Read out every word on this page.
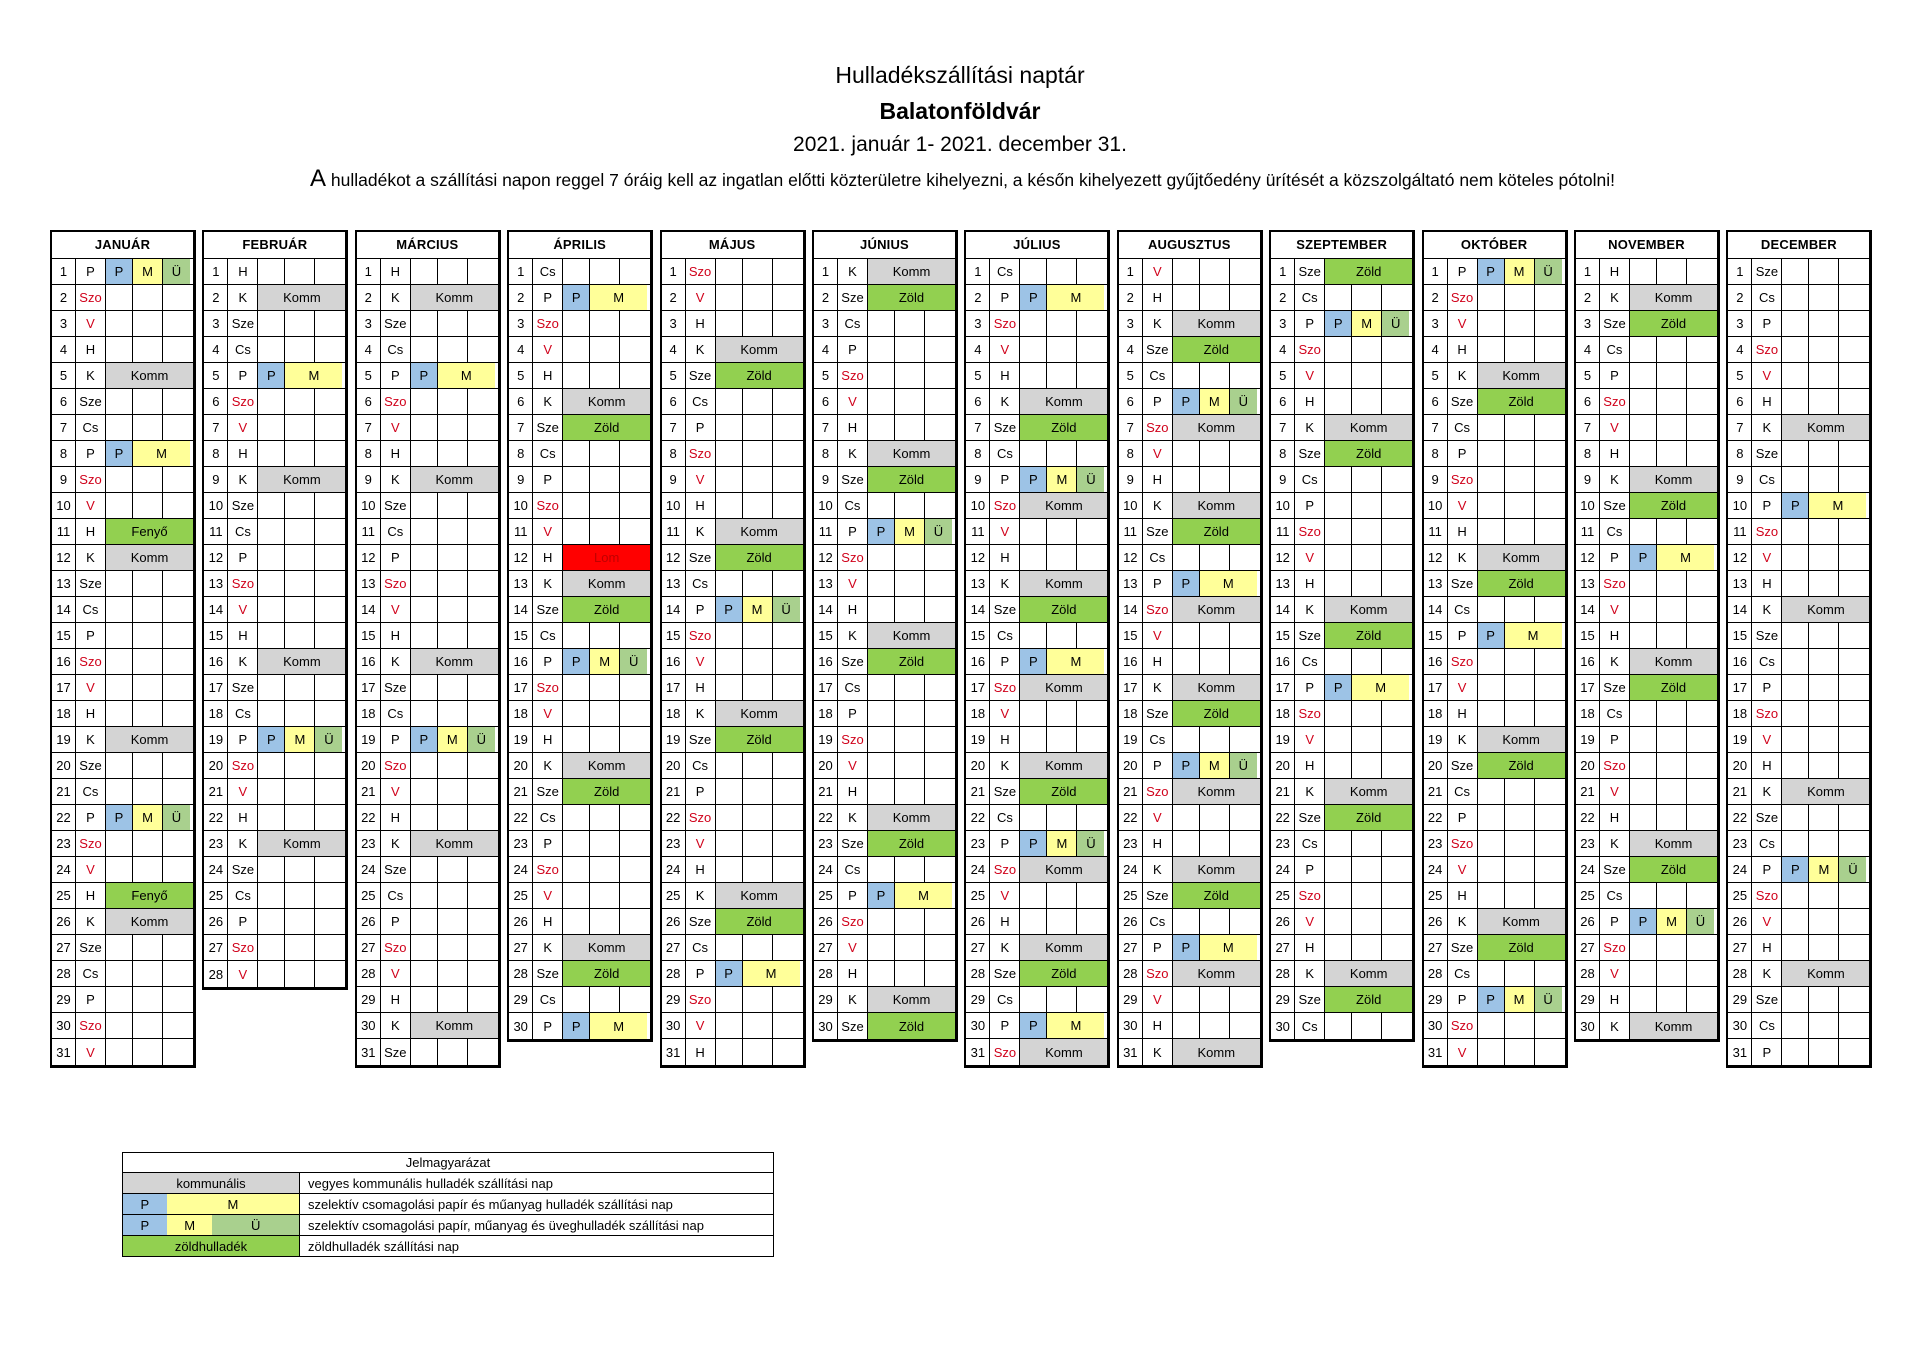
Hulladékszállítási naptár
Balatonföldvár
2021. január 1- 2021. december 31.
A hulladékot a szállítási napon reggel 7 óráig kell az ingatlan előtti közterületre kihelyezni, a későn kihelyezett gyűjtőedény ürítését a közszolgáltató nem köteles pótolni!
JANUÁR
1	P	P	M	Ü
2 Szo
3	V
4	H
5	K	Komm
6 Sze
7	Cs
8	P	P	M
9 Szo
10	V
11	H	Fenyő
12	K	Komm
13 Sze
14 Cs
15	P
16 Szo
17	V
18	H
19	K	Komm
20 Sze
21 Cs
22	P	P	M	Ü
23 Szo
24	V
25	H	Fenyő
26	K	Komm
27 Sze
28 Cs
29	P
30 Szo
31	V
FEBRUÁR
1	H
2	K	Komm
3 Sze
4	Cs
5	P	P	M
6 Szo
7	V
8	H
9	K	Komm
10 Sze
11 Cs
12	P
13 Szo
14	V
15	H
16	K	Komm
17 Sze
18 Cs
19	P	P	M	Ü
20 Szo
21	V
22	H
23	K	Komm
24 Sze
25 Cs
26	P
27 Szo
28	V
MÁRCIUS
1	H
2	K	Komm
3 Sze
4	Cs
5	P	P	M
6 Szo
7	V
8	H
9	K	Komm
10 Sze
11 Cs
12	P
13 Szo
14	V
15	H
16	K	Komm
17 Sze
18 Cs
19	P	P	M	Ü
20 Szo
21	V
22	H
23	K	Komm
24 Sze
25 Cs
26	P
27 Szo
28	V
29	H
30	K	Komm
31 Sze
ÁPRILIS
1	Cs
2	P	P	M
3 Szo
4	V
5	H
6	K	Komm
7 Sze	Zöld
8	Cs
9	P
10 Szo
11	V
12	H	Lom
13	K	Komm
14 Sze	Zöld
15 Cs
16	P	P	M	Ü
17 Szo
18	V
19	H
20	K	Komm
21 Sze	Zöld
22 Cs
23	P
24 Szo
25	V
26	H
27	K	Komm
28 Sze	Zöld
29 Cs
30	P	P	M
MÁJUS
1 Szo
2	V
3	H
4	K	Komm
5 Sze	Zöld
6	Cs
7	P
8 Szo
9	V
10	H
11	K	Komm
12 Sze	Zöld
13 Cs
14	P	P	M	Ü
15 Szo
16	V
17	H
18	K	Komm
19 Sze	Zöld
20 Cs
21	P
22 Szo
23	V
24	H
25	K	Komm
26 Sze	Zöld
27 Cs
28	P	P	M
29 Szo
30	V
31	H
JÚNIUS
1	K	Komm
2 Sze	Zöld
3	Cs
4	P
5 Szo
6	V
7	H
8	K	Komm
9 Sze	Zöld
10 Cs
11	P	P	M	Ü
12 Szo
13	V
14	H
15	K	Komm
16 Sze	Zöld
17 Cs
18	P
19 Szo
20	V
21	H
22	K	Komm
23 Sze	Zöld
24 Cs
25	P	P	M
26 Szo
27	V
28	H
29	K	Komm
30 Sze	Zöld
JÚLIUS
1	Cs
2	P	P	M
3 Szo
4	V
5	H
6	K	Komm
7 Sze	Zöld
8	Cs
9	P	P	M	Ü
10 Szo	Komm
11	V
12	H
13	K	Komm
14 Sze	Zöld
15 Cs
16	P	P	M
17 Szo	Komm
18	V
19	H
20	K	Komm
21 Sze	Zöld
22 Cs
23	P	P	M	Ü
24 Szo	Komm
25	V
26	H
27	K	Komm
28 Sze	Zöld
29 Cs
30	P	P	M
31 Szo	Komm
AUGUSZTUS
1	V
2	H
3	K	Komm
4 Sze	Zöld
5	Cs
6	P	P	M	Ü
7 Szo	Komm
8	V
9	H
10	K	Komm
11 Sze	Zöld
12 Cs
13	P	P	M
14 Szo	Komm
15	V
16	H
17	K	Komm
18 Sze	Zöld
19 Cs
20	P	P	M	Ü
21 Szo	Komm
22	V
23	H
24	K	Komm
25 Sze	Zöld
26 Cs
27	P	P	M
28 Szo	Komm
29	V
30	H
31	K	Komm
SZEPTEMBER
1 Sze	Zöld
2	Cs
3	P	P	M	Ü
4 Szo
5	V
6	H
7	K	Komm
8 Sze	Zöld
9	Cs
10	P
11 Szo
12	V
13	H
14	K	Komm
15 Sze	Zöld
16 Cs
17	P	P	M
18 Szo
19	V
20	H
21	K	Komm
22 Sze	Zöld
23 Cs
24	P
25 Szo
26	V
27	H
28	K	Komm
29 Sze	Zöld
30 Cs
OKTÓBER
1	P	P	M	Ü
2 Szo
3	V
4	H
5	K	Komm
6 Sze	Zöld
7	Cs
8	P
9 Szo
10	V
11	H
12	K	Komm
13 Sze	Zöld
14 Cs
15	P	P	M
16 Szo
17	V
18	H
19	K	Komm
20 Sze	Zöld
21 Cs
22	P
23 Szo
24	V
25	H
26	K	Komm
27 Sze	Zöld
28 Cs
29	P	P	M	Ü
30 Szo
31	V
NOVEMBER
1	H
2	K	Komm
3 Sze	Zöld
4	Cs
5	P
6 Szo
7	V
8	H
9	K	Komm
10 Sze	Zöld
11 Cs
12	P	P	M
13 Szo
14	V
15	H
16	K	Komm
17 Sze	Zöld
18 Cs
19	P
20 Szo
21	V
22	H
23	K	Komm
24 Sze	Zöld
25 Cs
26	P	P	M	Ü
27 Szo
28	V
29	H
30	K	Komm
DECEMBER
1 Sze
2	Cs
3	P
4 Szo
5	V
6	H
7	K	Komm
8 Sze
9	Cs
10	P	P	M
11 Szo
12	V
13	H
14	K	Komm
15 Sze
16 Cs
17	P
18 Szo
19	V
20	H
21	K	Komm
22 Sze
23 Cs
24	P	P	M	Ü
25 Szo
26	V
27	H
28	K	Komm
29 Sze
30 Cs
31	P
Jelmagyarázat
kommunális	vegyes kommunális hulladék szállítási nap
P	M	szelektív csomagolási papír és műanyag hulladék szállítási nap
P	M	Ü	szelektív csomagolási papír, műanyag és üveghulladék szállítási nap
zöldhulladék	zöldhulladék szállítási nap
